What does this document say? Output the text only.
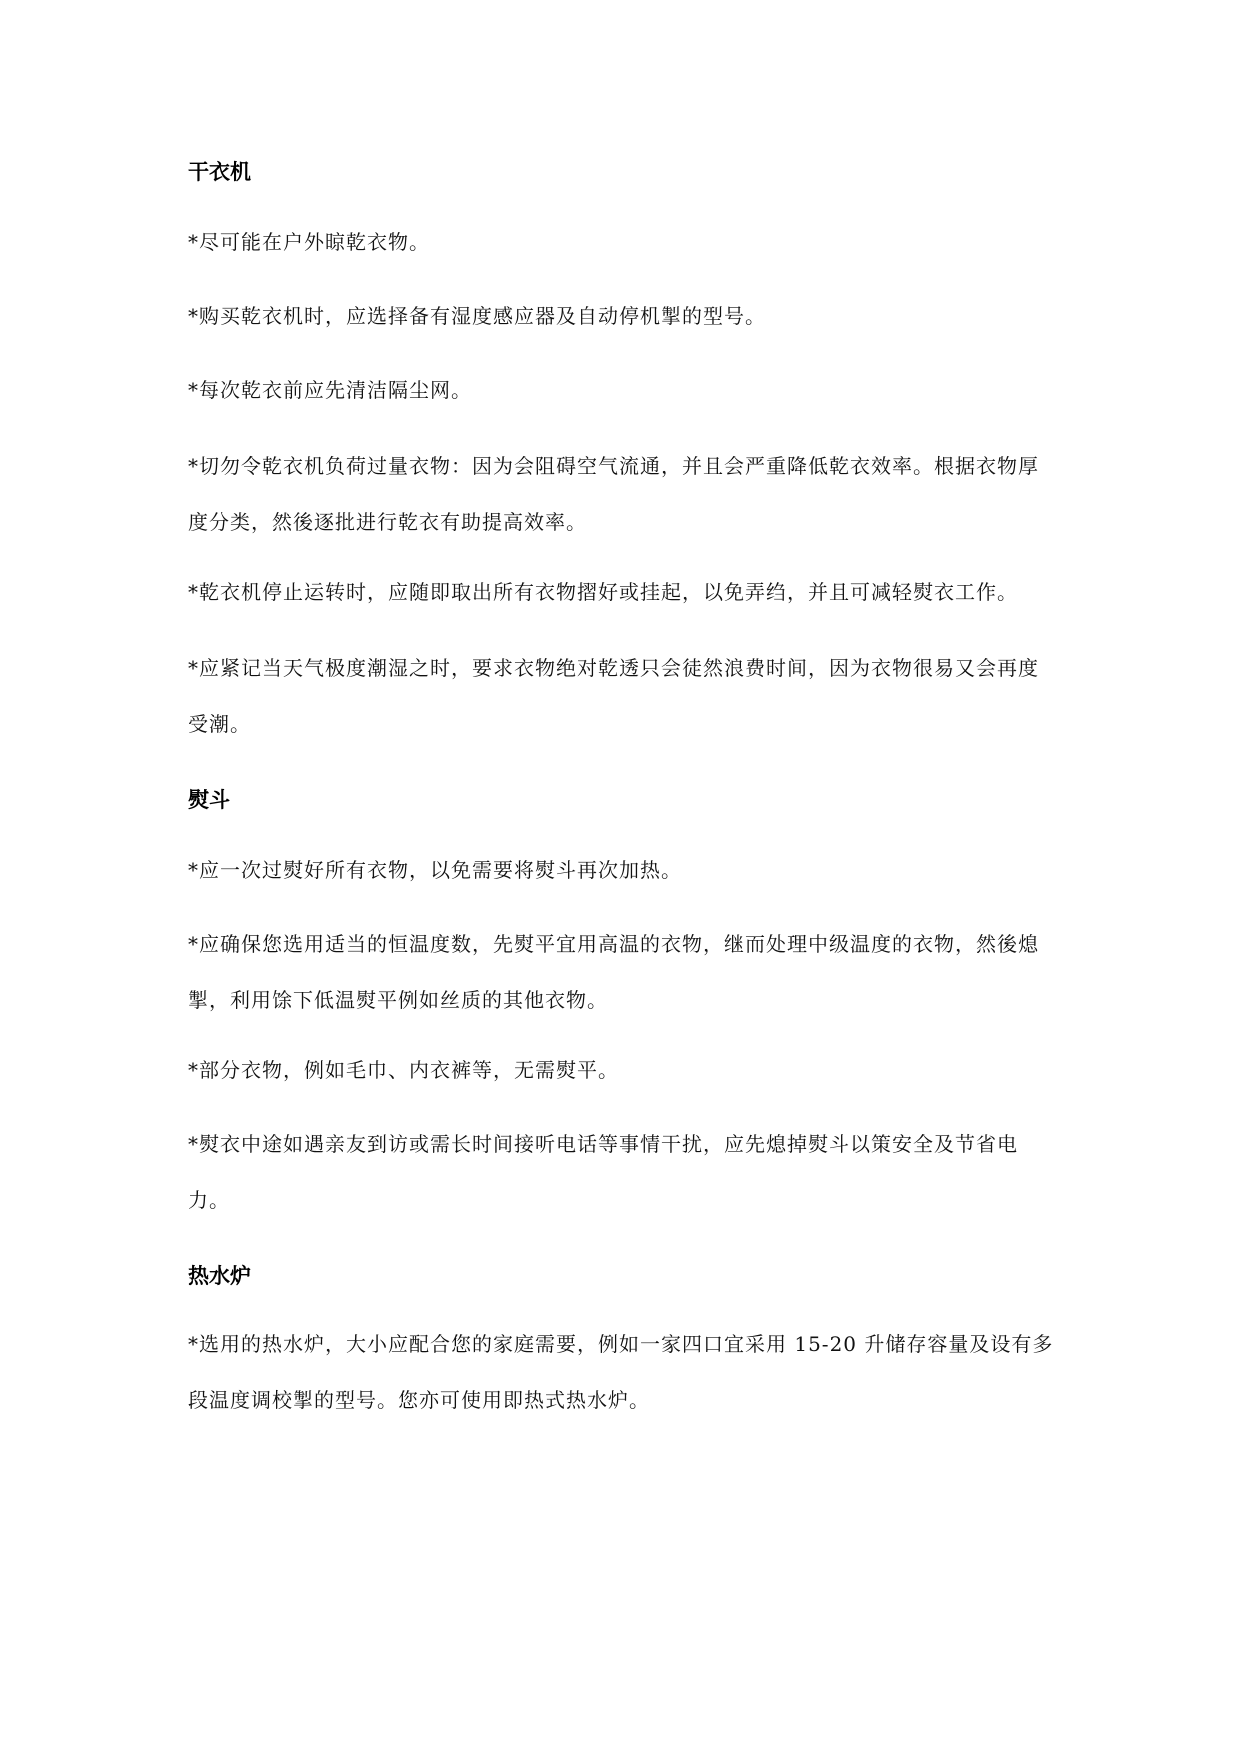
干衣机
*尽可能在户外晾乾衣物。
*购买乾衣机时，应选择备有湿度感应器及自动停机掣的型号。
*每次乾衣前应先清洁隔尘网。
*切勿令乾衣机负荷过量衣物：因为会阻碍空气流通，并且会严重降低乾衣效率。根据衣物厚度分类，然後逐批进行乾衣有助提高效率。
*乾衣机停止运转时，应随即取出所有衣物摺好或挂起，以免弄绉，并且可减轻熨衣工作。
*应紧记当天气极度潮湿之时，要求衣物绝对乾透只会徒然浪费时间，因为衣物很易又会再度受潮。
熨斗
*应一次过熨好所有衣物，以免需要将熨斗再次加热。
*应确保您选用适当的恒温度数，先熨平宜用高温的衣物，继而处理中级温度的衣物，然後熄掣，利用馀下低温熨平例如丝质的其他衣物。
*部分衣物，例如毛巾、内衣裤等，无需熨平。
*熨衣中途如遇亲友到访或需长时间接听电话等事情干扰，应先熄掉熨斗以策安全及节省电力。
热水炉
*选用的热水炉，大小应配合您的家庭需要，例如一家四口宜采用 15-20 升储存容量及设有多段温度调校掣的型号。您亦可使用即热式热水炉。
